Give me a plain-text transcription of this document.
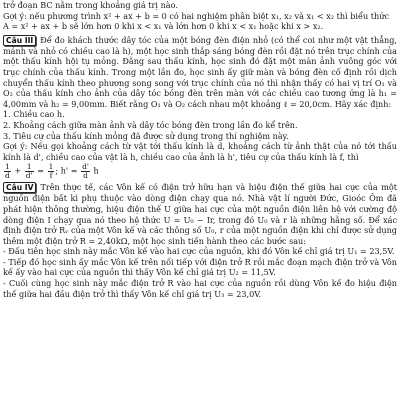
trở đoạn BC nằm trong khoảng giá trị nào.

Gợi ý: nếu phương trình x² + ax + b = 0 có hai nghiệm phân biệt x₁, x₂ và x₁ < x₂ thì biểu thức

A = x² + ax + b sẽ lớn hơn 0 khi x < x₁ và lớn hơn 0 khi x < x₁ hoặc khi x > x₂.

Câu III Để đo khách thước dây tóc của một bóng đèn điện nhỏ (có thể coi như một vật thẳng, mảnh và nhỏ có chiều cao là h), một học sinh thắp sáng bóng đèn rồi đặt nó trên trục chính của một thấu kính hội tụ mỏng. Đằng sau thấu kính, học sinh đó đặt một màn ảnh vuông góc với trục chính của thấu kính. Trong một lần đo, học sinh ấy giữ màn và bóng đèn cố định rồi dịch chuyển thấu kính theo phương song song với trục chính của nó thì nhận thấy có hai vị trí O₁ và O₂ của thấu kính cho ảnh của dây tóc bóng đèn trên màn với các chiều cao tương ứng là h₁ = 4,00mm và h₂ = 9,00mm. Biết rằng O₁ và O₂ cách nhau một khoảng ℓ = 20,0cm. Hãy xác định:

1. Chiều cao h.

2. Khoảng cách giữa màn ảnh và dây tóc bóng đèn trong lần đo kể trên.

3. Tiêu cự của thấu kính mỏng đã được sử dụng trong thí nghiệm này.

Gợi ý: Nếu gọi khoảng cách từ vật tới thấu kính là d, khoảng cách từ ảnh thật của nó tới thấu kính là d', chiều cao của vật là h, chiều cao của ảnh là h', tiêu cự của thấu kính là f, thì

$\frac{1}{d} + \frac{1}{d'} = \frac{1}{f}$ ; $h' = \frac{d'}{d}$ h

Câu IV Trên thực tế, các Vôn kế có điện trở hữu hạn và hiệu điện thế giữa hai cực của một nguồn điện bất kì phụ thuộc vào dòng điện chạy qua nó. Nhà vật lí người Đức, Gioóc Ôm đã phát hiện thông thường, hiệu điện thế U giữa hai cực của một nguồn điện liên hệ với cường độ dòng điện I chạy qua nó theo hệ thức U = U₀ − Ir, trong đó U₀ và r là những hằng số. Để xác định điện trở Rᵥ của một Vôn kế và các thông số U₀, r của một nguồn điện khi chỉ được sử dụng thêm một điện trở R = 2,40kΩ, một học sinh tiến hành theo các bước sau:

- Đấu tiên học sinh này mắc Vôn kế vào hai cực của nguồn, khi đó Vôn kế chỉ giá trị U₁ = 23,5V.

- Tiếp đó học sinh ấy mắc Vôn kế trên nối tiếp với điện trở R rồi mắc đoạn mạch điện trở và Vôn kế ấy vào hai cực của nguồn thì thấy Vôn kế chỉ giá trị U₂ = 11,5V.

- Cuối cùng học sinh này mắc điện trở R vào hai cực của nguồn rồi dùng Vôn kế đo hiệu điện thế giữa hai đầu điện trở thì thấy Vôn kế chỉ giá trị U₃ = 23,0V.
